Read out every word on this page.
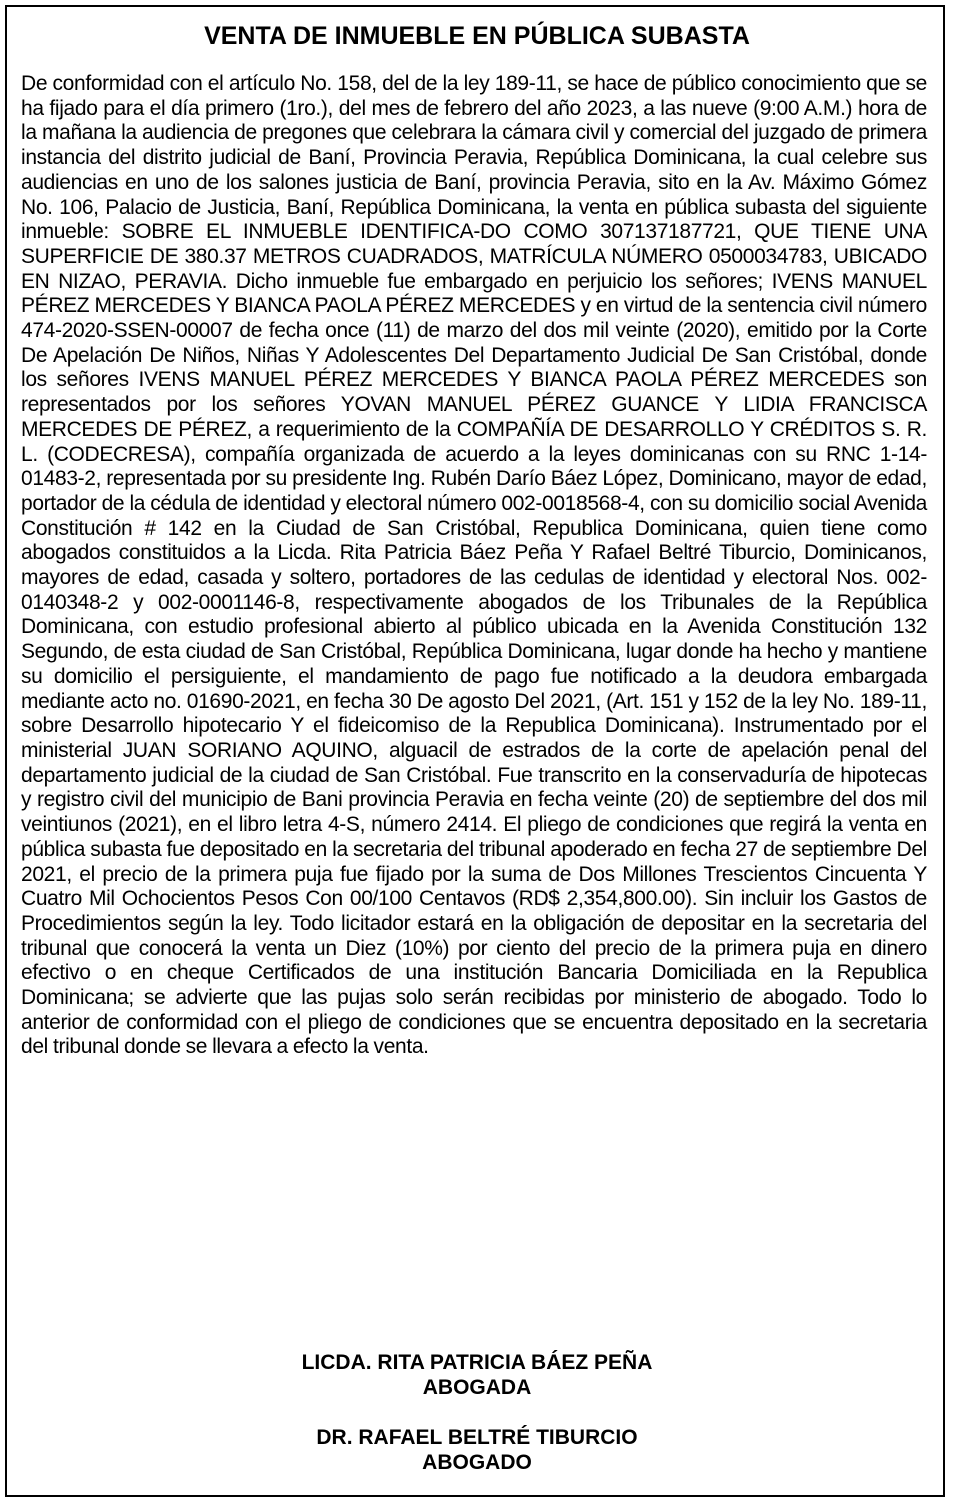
VENTA DE INMUEBLE EN PÚBLICA SUBASTA

De conformidad con el artículo No. 158, del de la ley 189-11, se hace de público conocimiento que se ha fijado para el día primero (1ro.), del mes de febrero del año 2023, a las nueve (9:00 A.M.) hora de la mañana la audiencia de pregones que celebrara la cámara civil y comercial del juzgado de primera instancia del distrito judicial de Baní, Provincia Peravia, República Dominicana, la cual celebre sus audiencias en uno de los salones justicia de Baní, provincia Peravia, sito en la Av. Máximo Gómez No. 106, Palacio de Justicia, Baní, República Dominicana, la venta en pública subasta del siguiente inmueble: SOBRE EL INMUEBLE IDENTIFICA-DO COMO 307137187721, QUE TIENE UNA SUPERFICIE DE 380.37 METROS CUADRADOS, MATRÍCULA NÚMERO 0500034783, UBICADO EN NIZAO, PERAVIA. Dicho inmueble fue embargado en perjuicio los señores; IVENS MANUEL PÉREZ MERCEDES Y BIANCA PAOLA PÉREZ MERCEDES y en virtud de la sentencia civil número 474-2020-SSEN-00007 de fecha once (11) de marzo del dos mil veinte (2020), emitido por la Corte De Apelación De Niños, Niñas Y Adolescentes Del Departamento Judicial De San Cristóbal, donde los señores IVENS MANUEL PÉREZ MERCEDES Y BIANCA PAOLA PÉREZ MERCEDES son representados por los señores YOVAN MANUEL PÉREZ GUANCE Y LIDIA FRANCISCA MERCEDES DE PÉREZ, a requerimiento de la COMPAÑÍA DE DESARROLLO Y CRÉDITOS S. R. L. (CODECRESA), compañía organizada de acuerdo a la leyes dominicanas con su RNC 1-14-01483-2, representada por su presidente Ing. Rubén Darío Báez López, Dominicano, mayor de edad, portador de la cédula de identidad y electoral número 002-0018568-4, con su domicilio social Avenida Constitución # 142 en la Ciudad de San Cristóbal, Republica Dominicana, quien tiene como abogados constituidos a la Licda. Rita Patricia Báez Peña Y Rafael Beltré Tiburcio, Dominicanos, mayores de edad, casada y soltero, portadores de las cedulas de identidad y electoral Nos. 002-0140348-2 y 002-0001146-8, respectivamente abogados de los Tribunales de la República Dominicana, con estudio profesional abierto al público ubicada en la Avenida Constitución 132 Segundo, de esta ciudad de San Cristóbal, República Dominicana, lugar donde ha hecho y mantiene su domicilio el persiguiente, el mandamiento de pago fue notificado a la deudora embargada mediante acto no. 01690-2021, en fecha 30 De agosto Del 2021, (Art. 151 y 152 de la ley No. 189-11, sobre Desarrollo hipotecario Y el fideicomiso de la Republica Dominicana). Instrumentado por el ministerial JUAN SORIANO AQUINO, alguacil de estrados de la corte de apelación penal del departamento judicial de la ciudad de San Cristóbal. Fue transcrito en la conservaduría de hipotecas y registro civil del municipio de Bani provincia Peravia en fecha veinte (20) de septiembre del dos mil veintiunos (2021), en el libro letra 4-S, número 2414. El pliego de condiciones que regirá la venta en pública subasta fue depositado en la secretaria del tribunal apoderado en fecha 27 de septiembre Del 2021, el precio de la primera puja fue fijado por la suma de Dos Millones Trescientos Cincuenta Y Cuatro Mil Ochocientos Pesos Con 00/100 Centavos (RD$ 2,354,800.00). Sin incluir los Gastos de Procedimientos según la ley. Todo licitador estará en la obligación de depositar en la secretaria del tribunal que conocerá la venta un Diez (10%) por ciento del precio de la primera puja en dinero efectivo o en cheque Certificados de una institución Bancaria Domiciliada en la Republica Dominicana; se advierte que las pujas solo serán recibidas por ministerio de abogado. Todo lo anterior de conformidad con el pliego de condiciones que se encuentra depositado en la secretaria del tribunal donde se llevara a efecto la venta.

LICDA. RITA PATRICIA BÁEZ PEÑA
ABOGADA
DR. RAFAEL BELTRÉ TIBURCIO
ABOGADO
